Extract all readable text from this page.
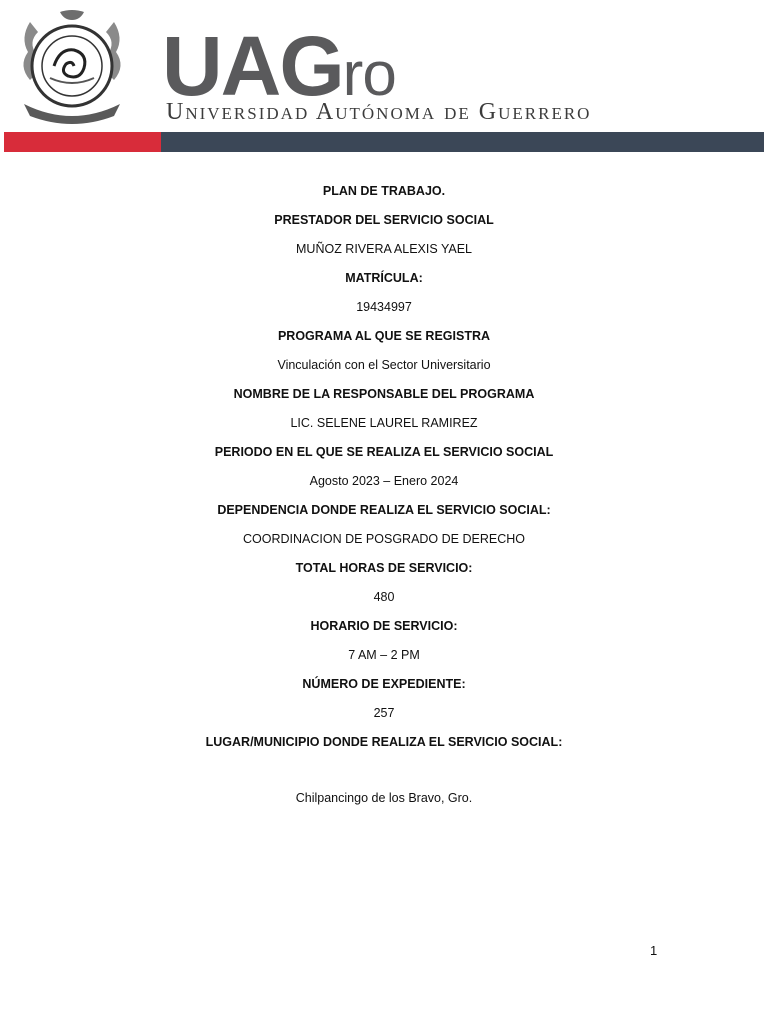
UAGro
Universidad Autónoma de Guerrero

PLAN DE TRABAJO.

PRESTADOR DEL SERVICIO SOCIAL

MUÑOZ RIVERA ALEXIS YAEL

MATRÍCULA:

19434997

PROGRAMA AL QUE SE REGISTRA

Vinculación con el Sector Universitario

NOMBRE DE LA RESPONSABLE DEL PROGRAMA

LIC. SELENE LAUREL RAMIREZ

PERIODO EN EL QUE SE REALIZA EL SERVICIO SOCIAL

Agosto 2023 – Enero 2024

DEPENDENCIA DONDE REALIZA EL SERVICIO SOCIAL:

COORDINACION DE POSGRADO DE DERECHO

TOTAL HORAS DE SERVICIO:

480

HORARIO DE SERVICIO:

7 AM – 2 PM

NÚMERO DE EXPEDIENTE:

257

LUGAR/MUNICIPIO DONDE REALIZA EL SERVICIO SOCIAL:

Chilpancingo de los Bravo, Gro.

1
